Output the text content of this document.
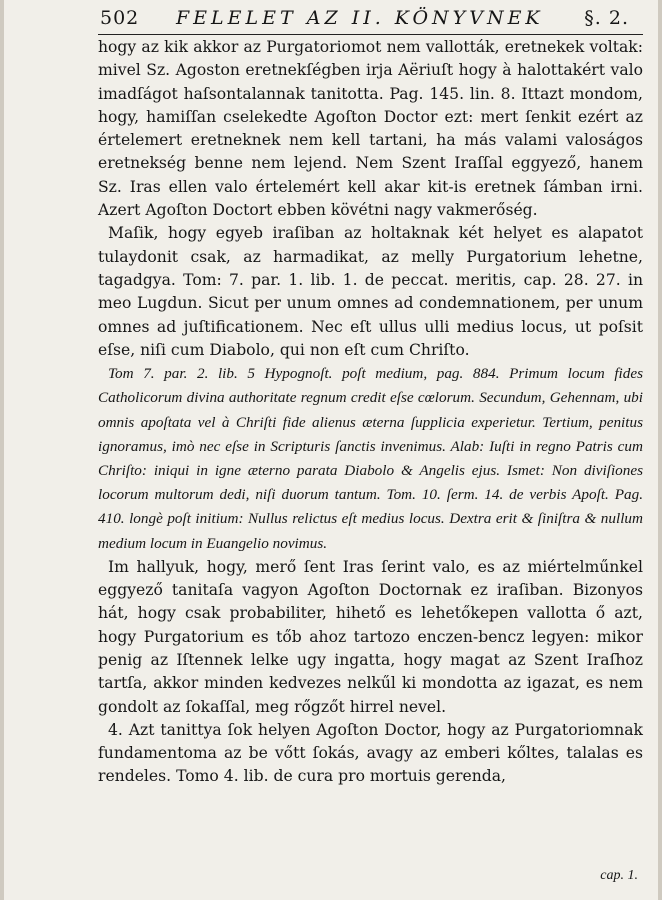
502 FELELET AZ II. KÖNYVNEK §. 2.

hogy az kik akkor az Purgatoriomot nem vallották, eretnekek voltak: mivel Sz. Agoston eretnekſégben irja Aëriuſt hogy à halottakért valo imadſágot haſsontalannak tanitotta. Pag. 145. lin. 8. Ittazt mondom, hogy, hamiſſan cselekedte Agoſton Doctor ezt: mert ſenkit ezért az értelemert eretneknek nem kell tartani, ha más valami valoságos eretnekség benne nem lejend. Nem Szent Iraſſal eggyező, hanem Sz. Iras ellen valo értelemért kell akar kit-is eretnek ſámban irni. Azert Agoſton Doctort ebben kövétni nagy vakmerőség.

Maſik, hogy egyeb iraſiban az holtaknak két helyet es alapatot tulaydonit csak, az harmadikat, az melly Purgatorium lehetne, tagadgya. Tom: 7. par. 1. lib. 1. de peccat. meritis, cap. 28. 27. in meo Lugdun. Sicut per unum omnes ad condemnationem, per unum omnes ad juſtificationem. Nec eſt ullus ulli medius locus, ut poſsit eſse, niſi cum Diabolo, qui non eſt cum Chriſto.

Tom 7. par. 2. lib. 5 Hypognoſt. poſt medium, pag. 884. Primum locum fides Catholicorum divina authoritate regnum credit eſse cœlorum. Secundum, Gehennam, ubi omnis apoſtata vel à Chriſti fide alienus æterna ſupplicia experietur. Tertium, penitus ignoramus, imò nec eſse in Scripturis ſanctis invenimus. Alab: Iuſti in regno Patris cum Chriſto: iniqui in igne æterno parata Diabolo & Angelis ejus. Ismet: Non diviſiones locorum multorum dedi, niſi duorum tantum. Tom. 10. ſerm. 14. de verbis Apoſt. Pag. 410. longè poſt initium: Nullus relictus eſt medius locus. Dextra erit & ſiniſtra & nullum medium locum in Euangelio novimus.

Im hallyuk, hogy, merő ſent Iras ſerint valo, es az miértelműnkel eggyező tanitaſa vagyon Agoſton Doctornak ez iraſiban. Bizonyos hát, hogy csak probabiliter, hihető es lehetőkepen vallotta ő azt, hogy Purgatorium es tőb ahoz tartozo enczen-bencz legyen: mikor penig az Iſtennek lelke ugy ingatta, hogy magat az Szent Iraſhoz tartſa, akkor minden kedvezes nelkűl ki mondotta az igazat, es nem gondolt az ſokaſſal, meg rőgzőt hirrel nevel.

4. Azt tanittya ſok helyen Agoſton Doctor, hogy az Purgatoriomnak fundamentoma az be vőtt ſokás, avagy az emberi kőltes, talalas es rendeles. Tomo 4. lib. de cura pro mortuis gerenda,

cap. 1.
